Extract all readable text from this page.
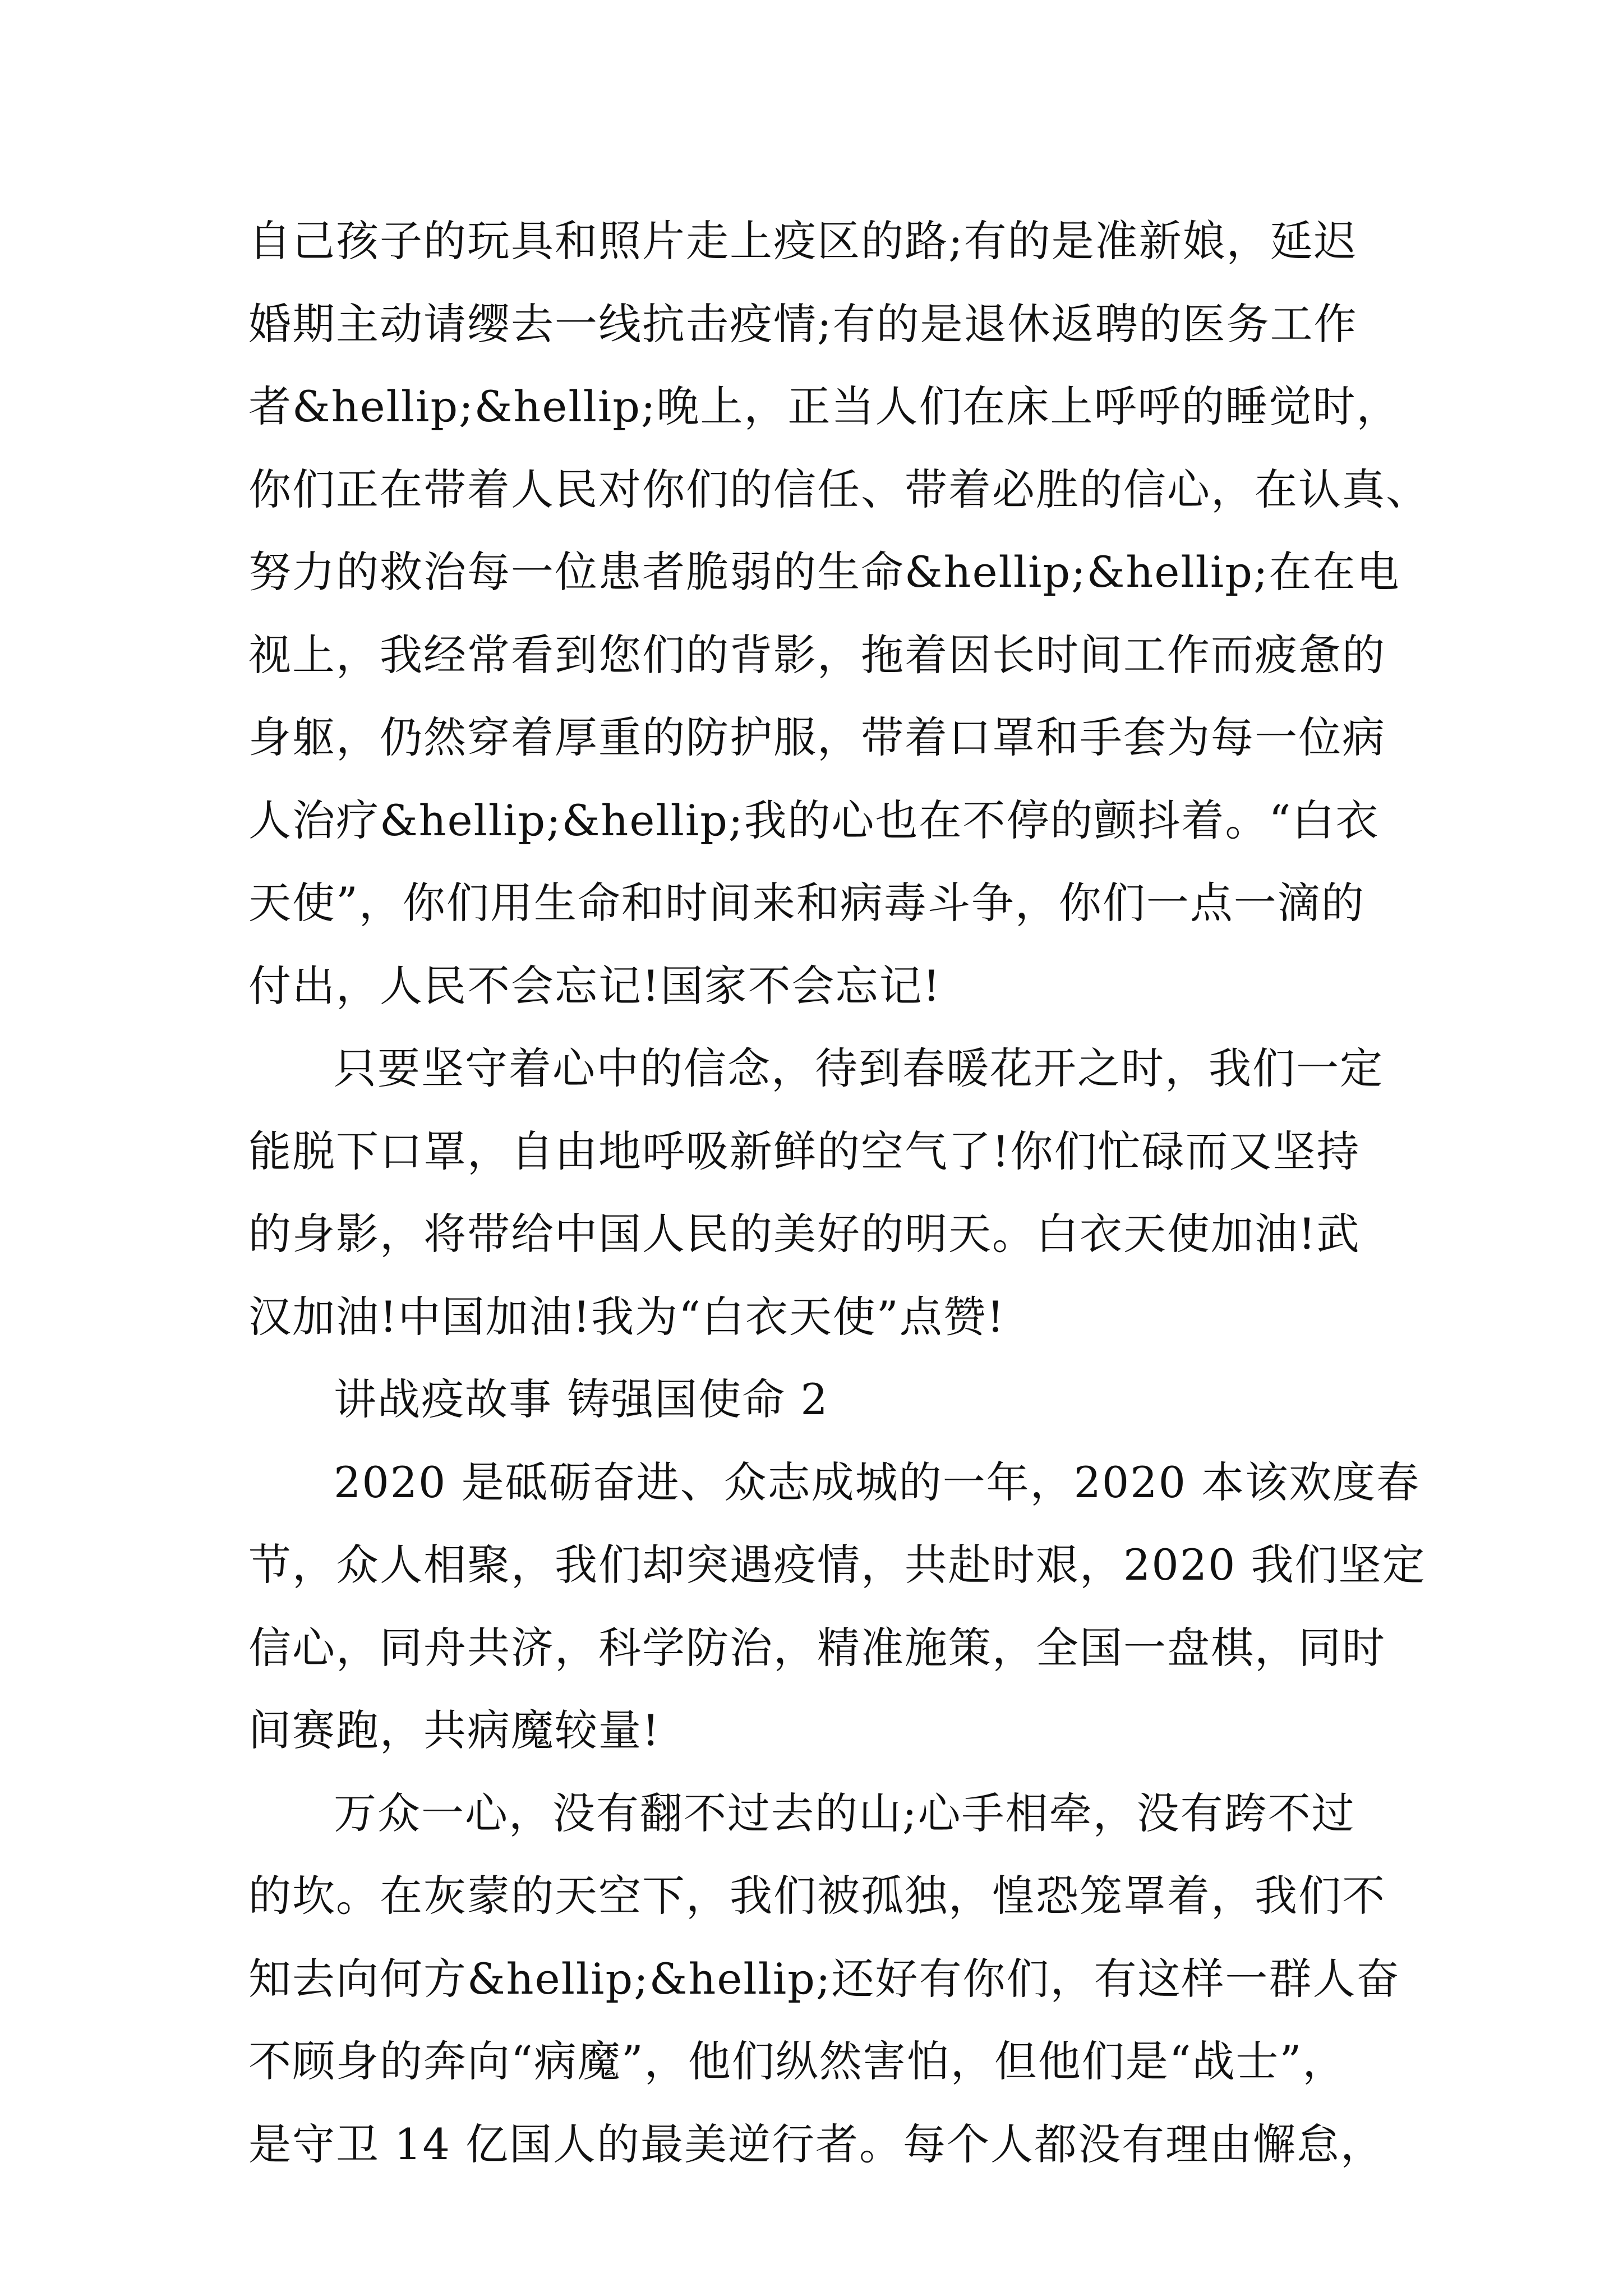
自己孩子的玩具和照片走上疫区的路;有的是准新娘，延迟
婚期主动请缨去一线抗击疫情;有的是退休返聘的医务工作
者&hellip;&hellip;晚上，正当人们在床上呼呼的睡觉时，
你们正在带着人民对你们的信任、带着必胜的信心，在认真、
努力的救治每一位患者脆弱的生命&hellip;&hellip;在在电
视上，我经常看到您们的背影，拖着因长时间工作而疲惫的
身躯，仍然穿着厚重的防护服，带着口罩和手套为每一位病
人治疗&hellip;&hellip;我的心也在不停的颤抖着。“白衣
天使”，你们用生命和时间来和病毒斗争，你们一点一滴的
付出，人民不会忘记!国家不会忘记!
只要坚守着心中的信念，待到春暖花开之时，我们一定
能脱下口罩，自由地呼吸新鲜的空气了!你们忙碌而又坚持
的身影，将带给中国人民的美好的明天。白衣天使加油!武
汉加油!中国加油!我为“白衣天使”点赞!
讲战疫故事 铸强国使命 2
2020 是砥砺奋进、众志成城的一年，2020 本该欢度春
节，众人相聚，我们却突遇疫情，共赴时艰，2020 我们坚定
信心，同舟共济，科学防治，精准施策，全国一盘棋，同时
间赛跑，共病魔较量!
万众一心，没有翻不过去的山;心手相牵，没有跨不过
的坎。在灰蒙的天空下，我们被孤独，惶恐笼罩着，我们不
知去向何方&hellip;&hellip;还好有你们，有这样一群人奋
不顾身的奔向“病魔”，他们纵然害怕，但他们是“战士”，
是守卫 14 亿国人的最美逆行者。每个人都没有理由懈怠，
